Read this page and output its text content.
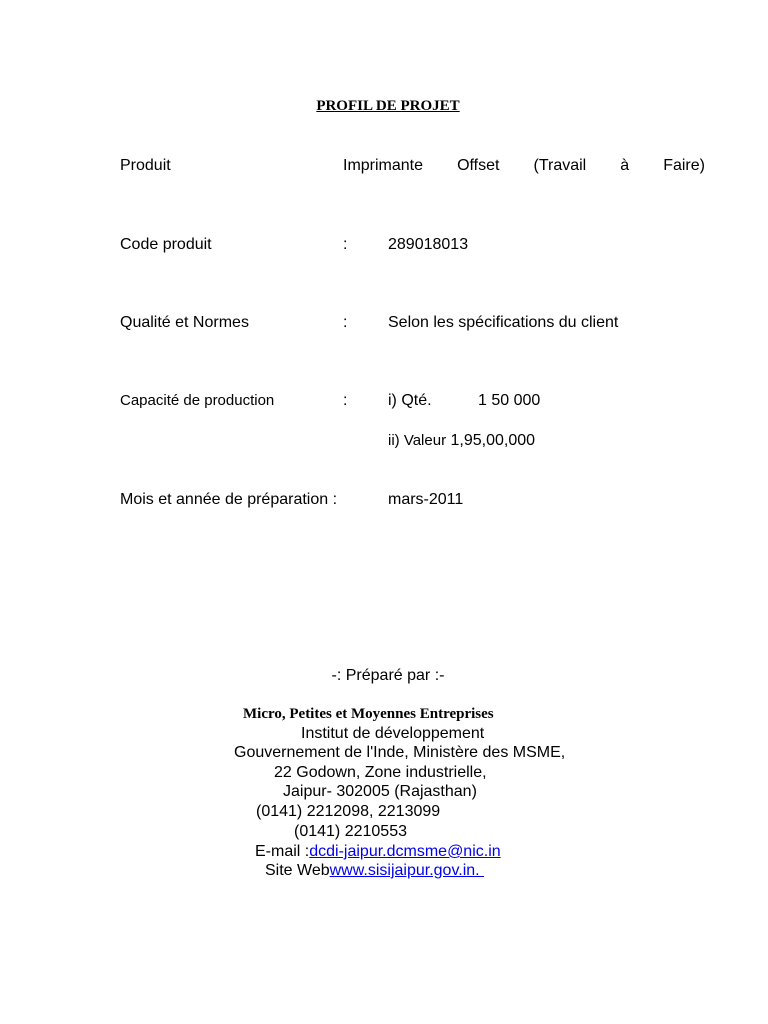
PROFIL DE PROJET
Produit	Imprimante Offset (Travail à Faire)
Code produit	:	289018013
Qualité et Normes	:	Selon les spécifications du client
Capacité de production	:	i) Qté.	1 50 000
ii) Valeur 1,95,00,000
Mois et année de préparation :	mars-2011
-: Préparé par :-
Micro, Petites et Moyennes Entreprises
Institut de développement
Gouvernement de l'Inde, Ministère des MSME,
22 Godown, Zone industrielle,
Jaipur- 302005 (Rajasthan)
(0141) 2212098, 2213099
(0141) 2210553
E-mail :dcdi-jaipur.dcmsme@nic.in
Site Webwww.sisijaipur.gov.in.
